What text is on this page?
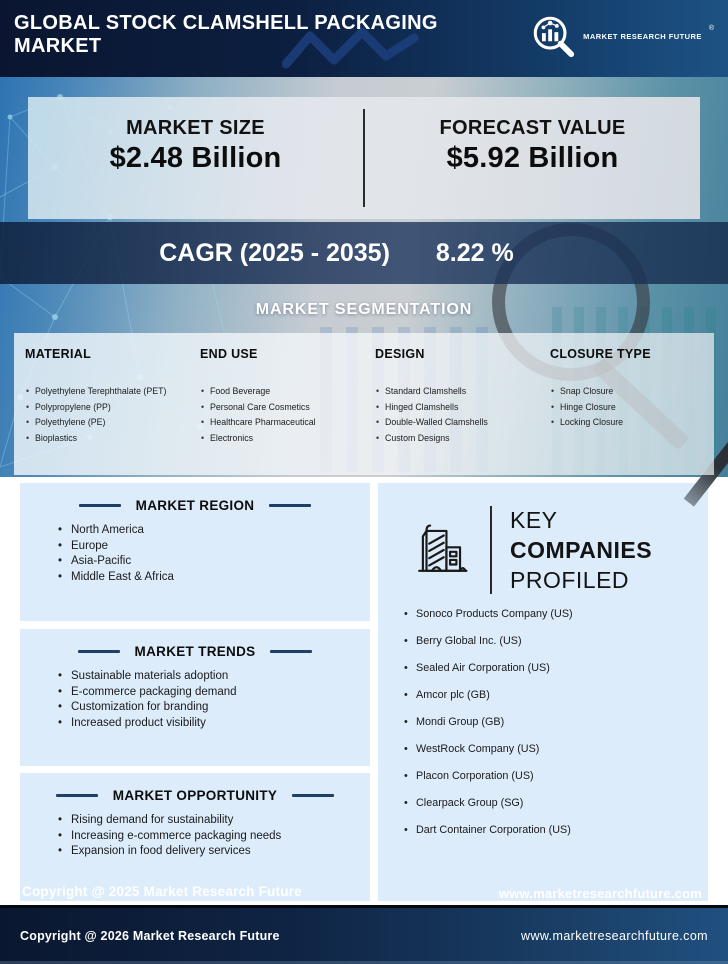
GLOBAL STOCK CLAMSHELL PACKAGING MARKET	MARKET RESEARCH FUTURE
®
MARKET SIZE
$2.48 Billion
FORECAST VALUE
$5.92 Billion
CAGR (2025 - 2035) 8.22 %
MARKET SEGMENTATION
MATERIAL
• Polyethylene Terephthalate (PET)
• Polypropylene (PP)
• Polyethylene (PE)
• Bioplastics
END USE
• Food Beverage
• Personal Care Cosmetics
• Healthcare Pharmaceutical
• Electronics
DESIGN
• Standard Clamshells
• Hinged Clamshells
• Double-Walled Clamshells
• Custom Designs
CLOSURE TYPE
• Snap Closure
• Hinge Closure
• Locking Closure
MARKET REGION
• North America
• Europe
• Asia-Pacific
• Middle East & Africa
MARKET TRENDS
• Sustainable materials adoption
• E-commerce packaging demand
• Customization for branding
• Increased product visibility
MARKET OPPORTUNITY
• Rising demand for sustainability
• Increasing e-commerce packaging needs
• Expansion in food delivery services
KEY
COMPANIES
PROFILED
• Sonoco Products Company (US)
• Berry Global Inc. (US)
• Sealed Air Corporation (US)
• Amcor plc (GB)
• Mondi Group (GB)
• WestRock Company (US)
• Placon Corporation (US)
• Clearpack Group (SG)
• Dart Container Corporation (US)
Copyright @ 2025 Market Research Future	www.marketresearchfuture.com
Copyright @ 2026 Market Research Future	www.marketresearchfuture.com
